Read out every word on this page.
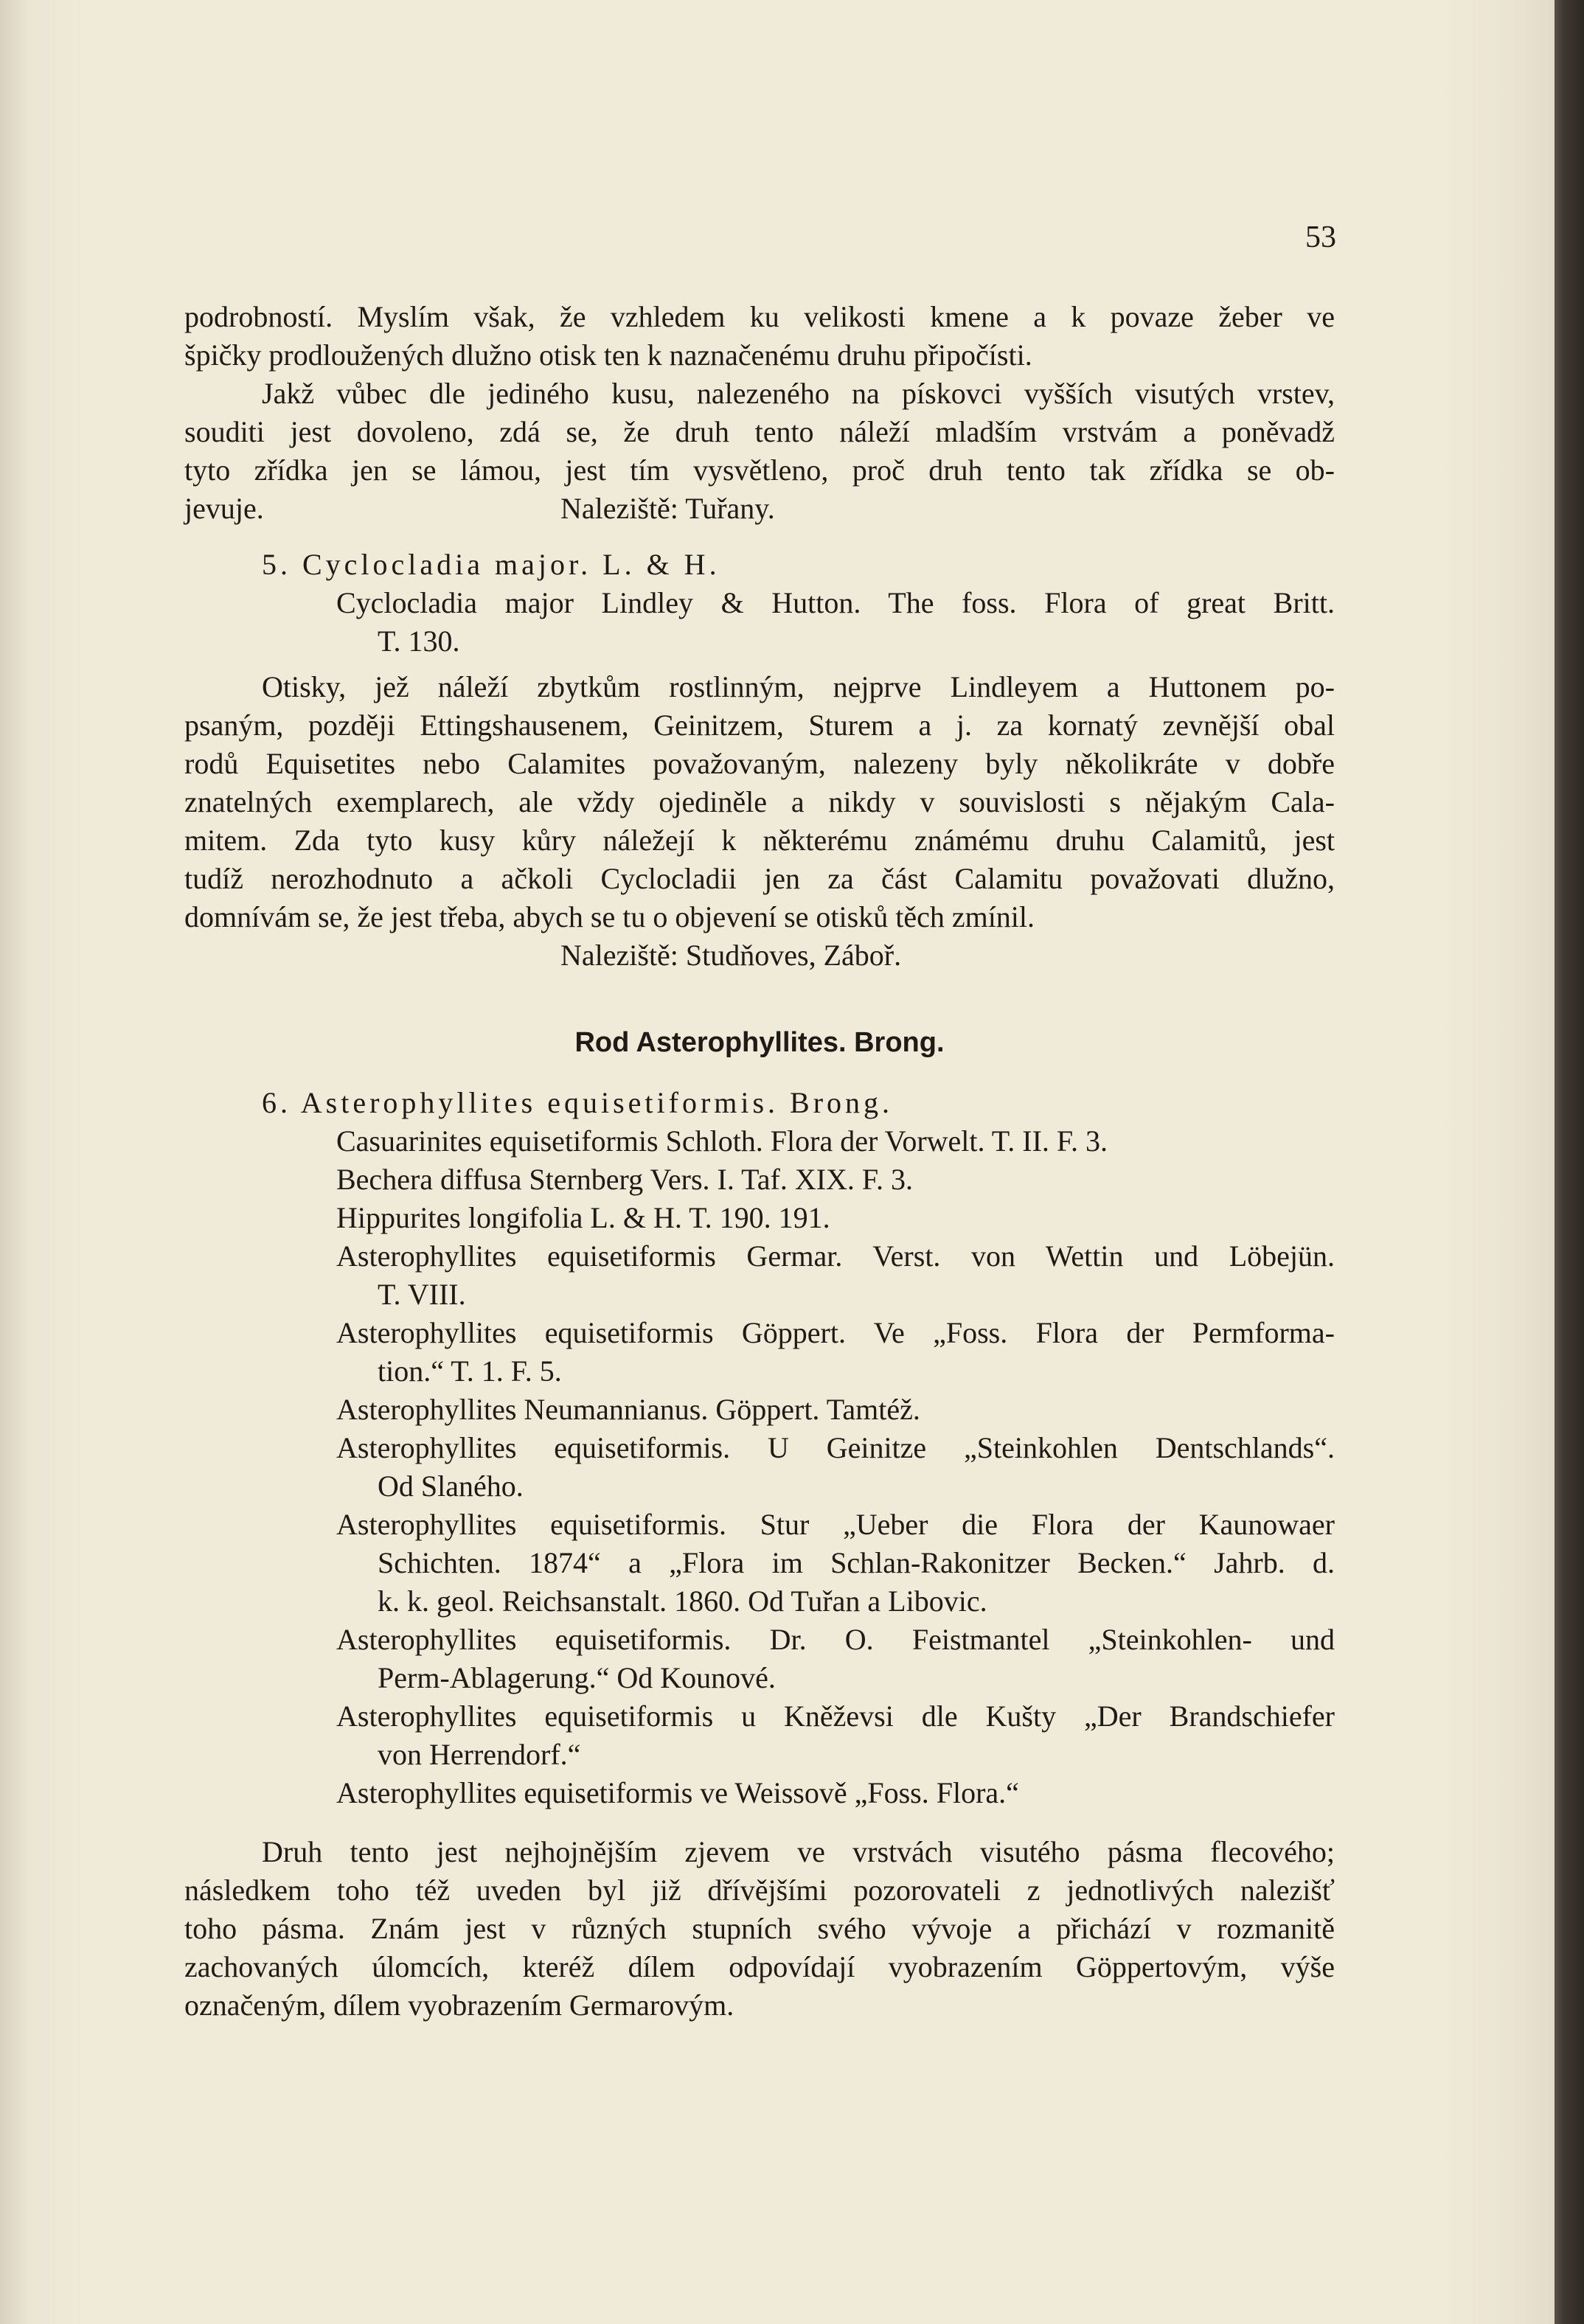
53
podrobností. Myslím však, že vzhledem ku velikosti kmene a k povaze žeber ve
špičky prodloužených dlužno otisk ten k naznačenému druhu připočísti.
Jakž vůbec dle jediného kusu, nalezeného na pískovci vyšších visutých vrstev,
souditi jest dovoleno, zdá se, že druh tento náleží mladším vrstvám a poněvadž
tyto zřídka jen se lámou, jest tím vysvětleno, proč druh tento tak zřídka se ob-
jevuje.	Naleziště: Tuřany.
5. Cyclocladia major. L. & H.
Cyclocladia major Lindley & Hutton. The foss. Flora of great Britt.
T. 130.
Otisky, jež náleží zbytkům rostlinným, nejprve Lindleyem a Huttonem po-
psaným, později Ettingshausenem, Geinitzem, Sturem a j. za kornatý zevnější obal
rodů Equisetites nebo Calamites považovaným, nalezeny byly několikráte v dobře
znatelných exemplarech, ale vždy ojediněle a nikdy v souvislosti s nějakým Cala-
mitem. Zda tyto kusy kůry náležejí k některému známému druhu Calamitů, jest
tudíž nerozhodnuto a ačkoli Cyclocladii jen za část Calamitu považovati dlužno,
domnívám se, že jest třeba, abych se tu o objevení se otisků těch zmínil.
Naleziště: Studňoves, Záboř.
Rod Asterophyllites. Brong.
6. Asterophyllites equisetiformis. Brong.
Casuarinites equisetiformis Schloth. Flora der Vorwelt. T. II. F. 3.
Bechera diffusa Sternberg Vers. I. Taf. XIX. F. 3.
Hippurites longifolia L. & H. T. 190. 191.
Asterophyllites equisetiformis Germar. Verst. von Wettin und Löbejün.
T. VIII.
Asterophyllites equisetiformis Göppert. Ve „Foss. Flora der Permforma-
tion.“ T. 1. F. 5.
Asterophyllites Neumannianus. Göppert. Tamtéž.
Asterophyllites equisetiformis. U Geinitze „Steinkohlen Dentschlands“.
Od Slaného.
Asterophyllites equisetiformis. Stur „Ueber die Flora der Kaunowaer
Schichten. 1874“ a „Flora im Schlan-Rakonitzer Becken.“ Jahrb. d.
k. k. geol. Reichsanstalt. 1860. Od Tuřan a Libovic.
Asterophyllites equisetiformis. Dr. O. Feistmantel „Steinkohlen- und
Perm-Ablagerung.“ Od Kounové.
Asterophyllites equisetiformis u Kněževsi dle Kušty „Der Brandschiefer
von Herrendorf.“
Asterophyllites equisetiformis ve Weissově „Foss. Flora.“
Druh tento jest nejhojnějším zjevem ve vrstvách visutého pásma flecového;
následkem toho též uveden byl již dřívějšími pozorovateli z jednotlivých nalezišť
toho pásma. Znám jest v různých stupních svého vývoje a přichází v rozmanitě
zachovaných úlomcích, kteréž dílem odpovídají vyobrazením Göppertovým, výše
označeným, dílem vyobrazením Germarovým.
